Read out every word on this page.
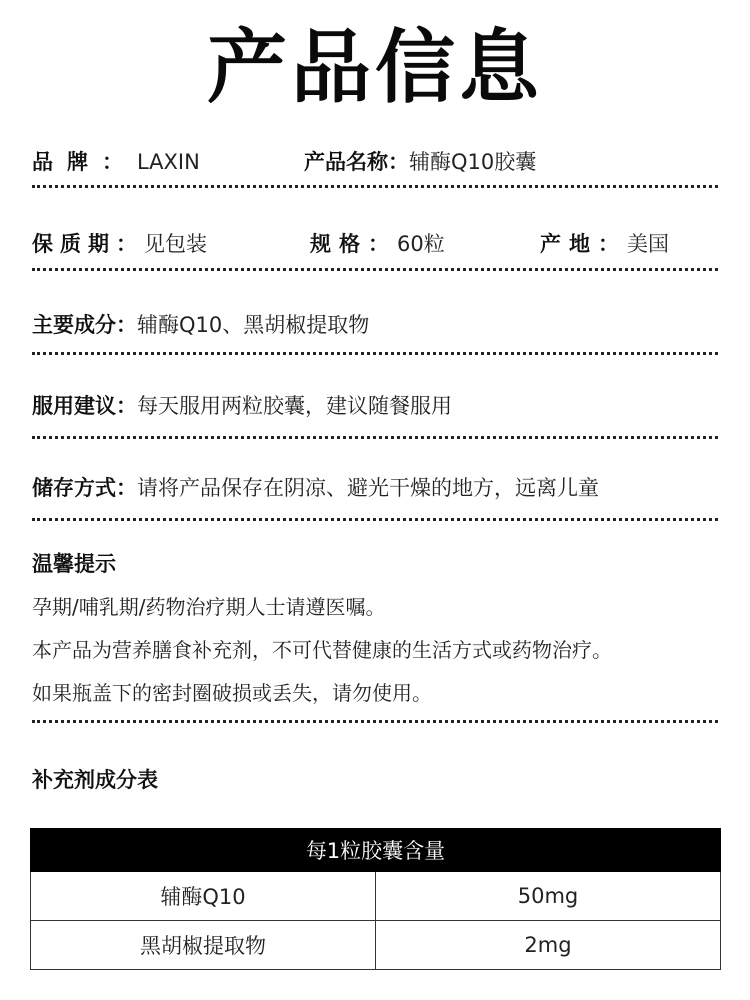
产品信息
品牌：LAXIN	产品名称：辅酶Q10胶囊
保质期：见包装	规格：60粒	产地：美国
主要成分：辅酶Q10、黑胡椒提取物
服用建议：每天服用两粒胶囊，建议随餐服用
储存方式：请将产品保存在阴凉、避光干燥的地方，远离儿童
温馨提示
孕期/哺乳期/药物治疗期人士请遵医嘱。
本产品为营养膳食补充剂，不可代替健康的生活方式或药物治疗。
如果瓶盖下的密封圈破损或丢失，请勿使用。
补充剂成分表
每1粒胶囊含量	
辅酶Q10	50mg
黑胡椒提取物	2mg
